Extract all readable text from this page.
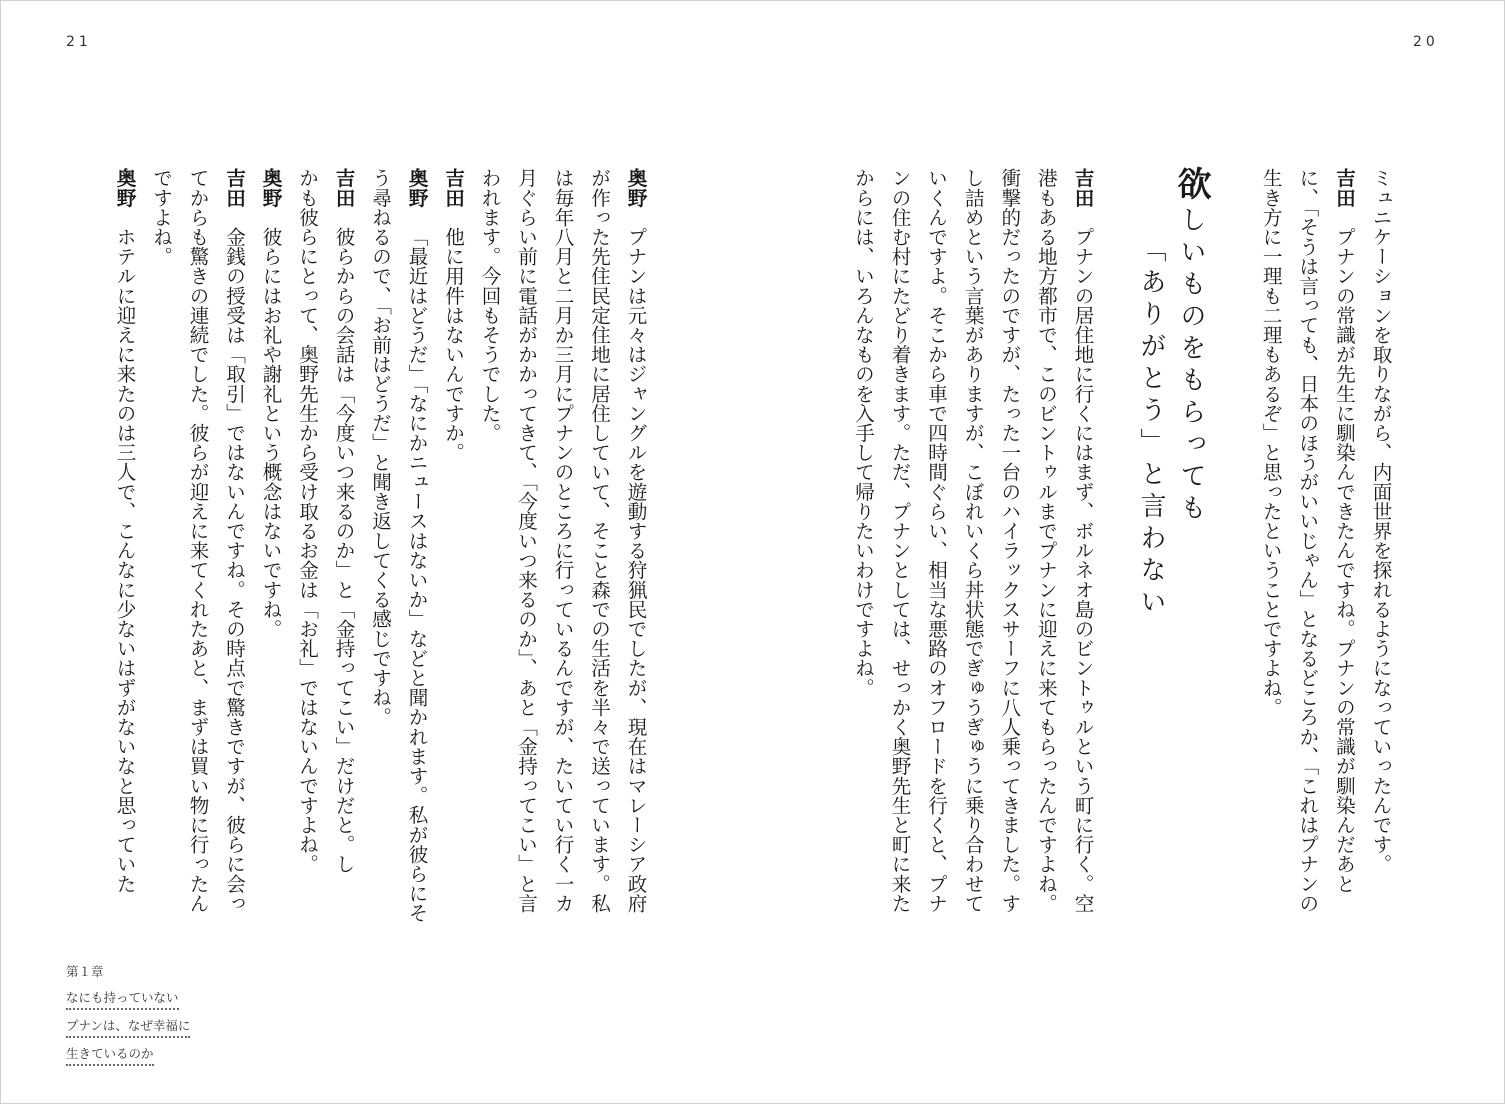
21	20
ミュニケーションを取りながら、内面世界を探れるようになっていったんです。
吉田プナンの常識が先生に馴染んできたんですね。プナンの常識が馴染んだあと
に、「そうは言っても、日本のほうがいいじゃん」となるどころか、「これはプナンの
生き方に一理も二理もあるぞ」と思ったということですよね。
吉田プナンの居住地に行くにはまず、ボルネオ島のビントゥルという町に行く。空
港もある地方都市で、このビントゥルまでプナンに迎えに来てもらったんですよね。
衝撃的だったのですが、たった一台のハイラックスサーフに八人乗ってきました。す
し詰めという言葉がありますが、こぼれいくら丼状態でぎゅうぎゅうに乗り合わせて
いくんですよ。そこから車で四時間ぐらい、相当な悪路のオフロードを行くと、プナ
ンの住む村にたどり着きます。ただ、プナンとしては、せっかく奥野先生と町に来た
からには、いろんなものを入手して帰りたいわけですよね。
奥野プナンは元々はジャングルを遊動する狩猟民でしたが、現在はマレーシア政府
が作った先住民定住地に居住していて、そこと森での生活を半々で送っています。私
は毎年八月と二月か三月にプナンのところに行っているんですが、たいてい行く一カ
月ぐらい前に電話がかかってきて、「今度いつ来るのか」、あと「金持ってこい」と言
われます。今回もそうでした。
吉田他に用件はないんですか。
奥野「最近はどうだ」「なにかニュースはないか」などと聞かれます。私が彼らにそ
う尋ねるので、「お前はどうだ」と聞き返してくる感じですね。
吉田彼らからの会話は「今度いつ来るのか」と「金持ってこい」だけだと。し
かも彼らにとって、奥野先生から受け取るお金は「お礼」ではないんですよね。
奥野彼らにはお礼や謝礼という概念はないですね。
吉田金銭の授受は「取引」ではないんですね。その時点で驚きですが、彼らに会っ
てからも驚きの連続でした。彼らが迎えに来てくれたあと、まずは買い物に行ったん
ですよね。
奥野ホテルに迎えに来たのは三人で、こんなに少ないはずがないなと思っていた
欲しいものをもらっても
「ありがとう」と言わない
第１章
なにも持っていない
プナンは、なぜ幸福に
生きているのか
